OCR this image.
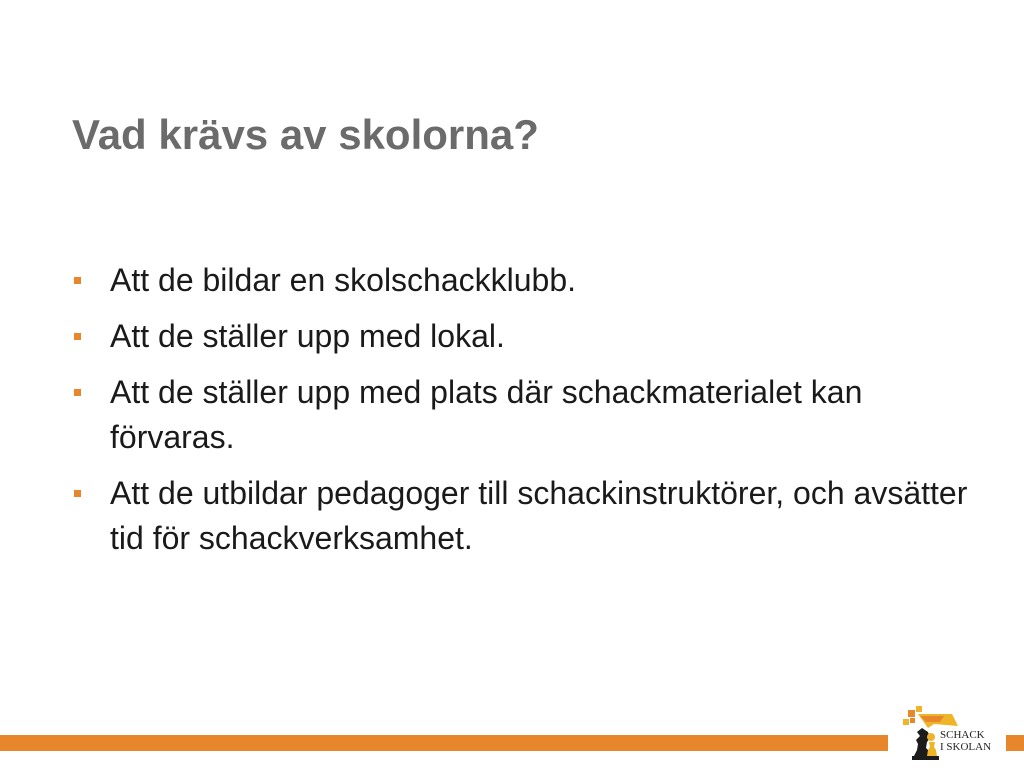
Vad krävs av skolorna?
Att de bildar en skolschackklubb.
Att de ställer upp med lokal.
Att de ställer upp med plats där schackmaterialet kan förvaras.
Att de utbildar pedagoger till schackinstruktörer, och avsätter tid för schackverksamhet.
SCHACK
I SKOLAN
